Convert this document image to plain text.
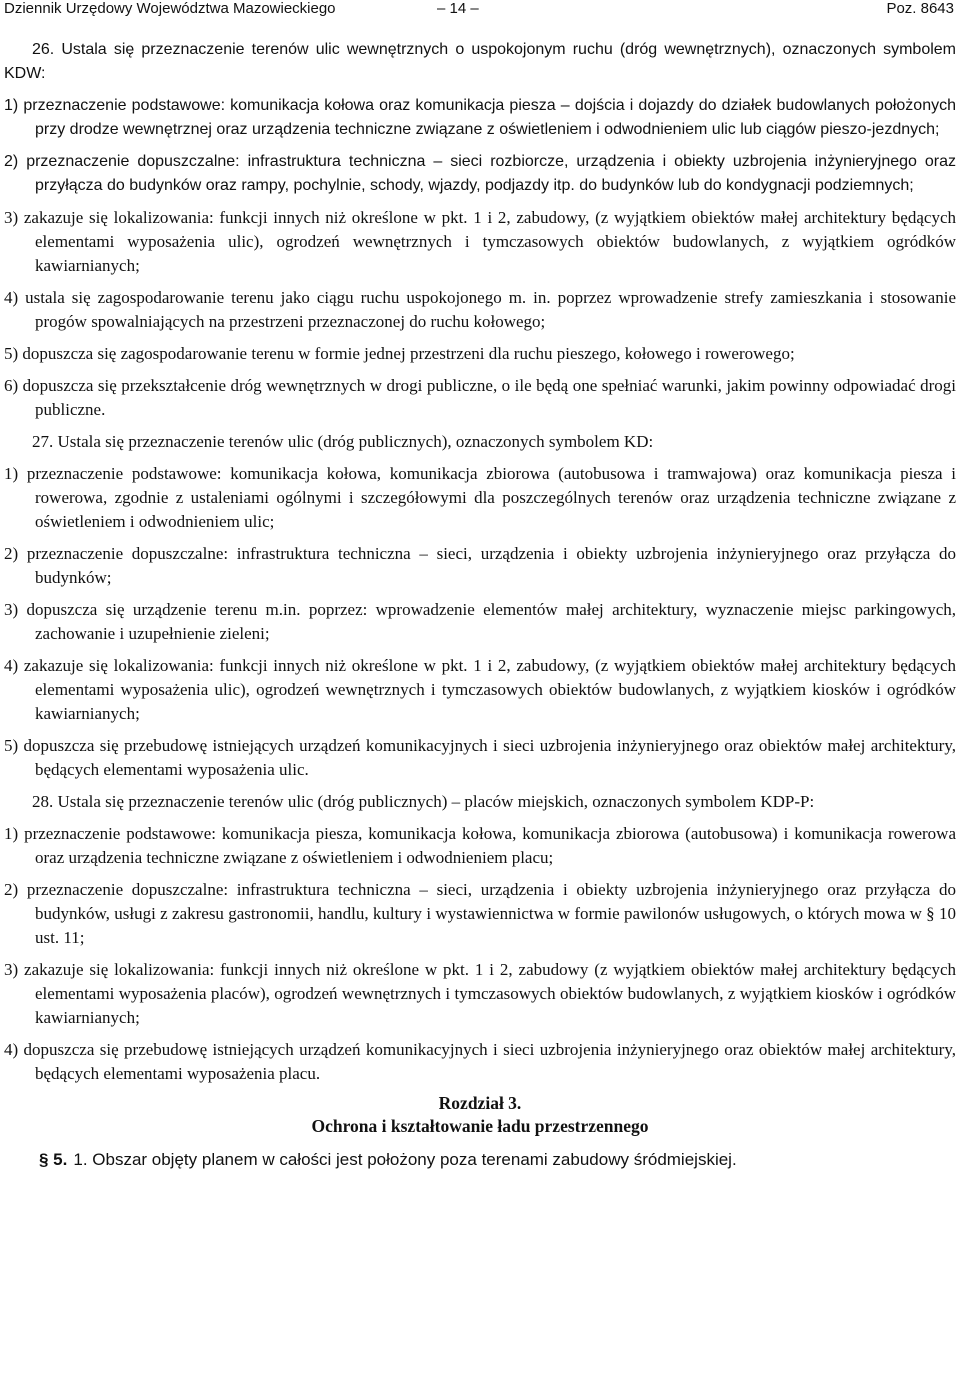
Dziennik Urzędowy Województwa Mazowieckiego	– 14 –	Poz. 8643
26. Ustala się przeznaczenie terenów ulic wewnętrznych o uspokojonym ruchu (dróg wewnętrznych), oznaczonych symbolem KDW:
1) przeznaczenie podstawowe: komunikacja kołowa oraz komunikacja piesza – dojścia i dojazdy do działek budowlanych położonych przy drodze wewnętrznej oraz urządzenia techniczne związane z oświetleniem i odwodnieniem ulic lub ciągów pieszo-jezdnych;
2) przeznaczenie dopuszczalne: infrastruktura techniczna – sieci rozbiorcze, urządzenia i obiekty uzbrojenia inżynieryjnego oraz przyłącza do budynków oraz rampy, pochylnie, schody, wjazdy, podjazdy itp. do budynków lub do kondygnacji podziemnych;
3) zakazuje się lokalizowania: funkcji innych niż określone w pkt. 1 i 2, zabudowy, (z wyjątkiem obiektów małej architektury będących elementami wyposażenia ulic), ogrodzeń wewnętrznych i tymczasowych obiektów budowlanych, z wyjątkiem ogródków kawiarnianych;
4) ustala się zagospodarowanie terenu jako ciągu ruchu uspokojonego m. in. poprzez wprowadzenie strefy zamieszkania i stosowanie progów spowalniających na przestrzeni przeznaczonej do ruchu kołowego;
5) dopuszcza się zagospodarowanie terenu w formie jednej przestrzeni dla ruchu pieszego, kołowego i rowerowego;
6) dopuszcza się przekształcenie dróg wewnętrznych w drogi publiczne, o ile będą one spełniać warunki, jakim powinny odpowiadać drogi publiczne.
27. Ustala się przeznaczenie terenów ulic (dróg publicznych), oznaczonych symbolem KD:
1) przeznaczenie podstawowe: komunikacja kołowa, komunikacja zbiorowa (autobusowa i tramwajowa) oraz komunikacja piesza i rowerowa, zgodnie z ustaleniami ogólnymi i szczegółowymi dla poszczególnych terenów oraz urządzenia techniczne związane z oświetleniem i odwodnieniem ulic;
2) przeznaczenie dopuszczalne: infrastruktura techniczna – sieci, urządzenia i obiekty uzbrojenia inżynieryjnego oraz przyłącza do budynków;
3) dopuszcza się urządzenie terenu m.in. poprzez: wprowadzenie elementów małej architektury, wyznaczenie miejsc parkingowych, zachowanie i uzupełnienie zieleni;
4) zakazuje się lokalizowania: funkcji innych niż określone w pkt. 1 i 2, zabudowy, (z wyjątkiem obiektów małej architektury będących elementami wyposażenia ulic), ogrodzeń wewnętrznych i tymczasowych obiektów budowlanych, z wyjątkiem kiosków i ogródków kawiarnianych;
5) dopuszcza się przebudowę istniejących urządzeń komunikacyjnych i sieci uzbrojenia inżynieryjnego oraz obiektów małej architektury, będących elementami wyposażenia ulic.
28. Ustala się przeznaczenie terenów ulic (dróg publicznych) – placów miejskich, oznaczonych symbolem KDP-P:
1) przeznaczenie podstawowe: komunikacja piesza, komunikacja kołowa, komunikacja zbiorowa (autobusowa) i komunikacja rowerowa oraz urządzenia techniczne związane z oświetleniem i odwodnieniem placu;
2) przeznaczenie dopuszczalne: infrastruktura techniczna – sieci, urządzenia i obiekty uzbrojenia inżynieryjnego oraz przyłącza do budynków, usługi z zakresu gastronomii, handlu, kultury i wystawiennictwa w formie pawilonów usługowych, o których mowa w § 10 ust. 11;
3) zakazuje się lokalizowania: funkcji innych niż określone w pkt. 1 i 2, zabudowy (z wyjątkiem obiektów małej architektury będących elementami wyposażenia placów), ogrodzeń wewnętrznych i tymczasowych obiektów budowlanych, z wyjątkiem kiosków i ogródków kawiarnianych;
4) dopuszcza się przebudowę istniejących urządzeń komunikacyjnych i sieci uzbrojenia inżynieryjnego oraz obiektów małej architektury, będących elementami wyposażenia placu.
Rozdział 3.
Ochrona i kształtowanie ładu przestrzennego
§ 5. 1. Obszar objęty planem w całości jest położony poza terenami zabudowy śródmiejskiej.
